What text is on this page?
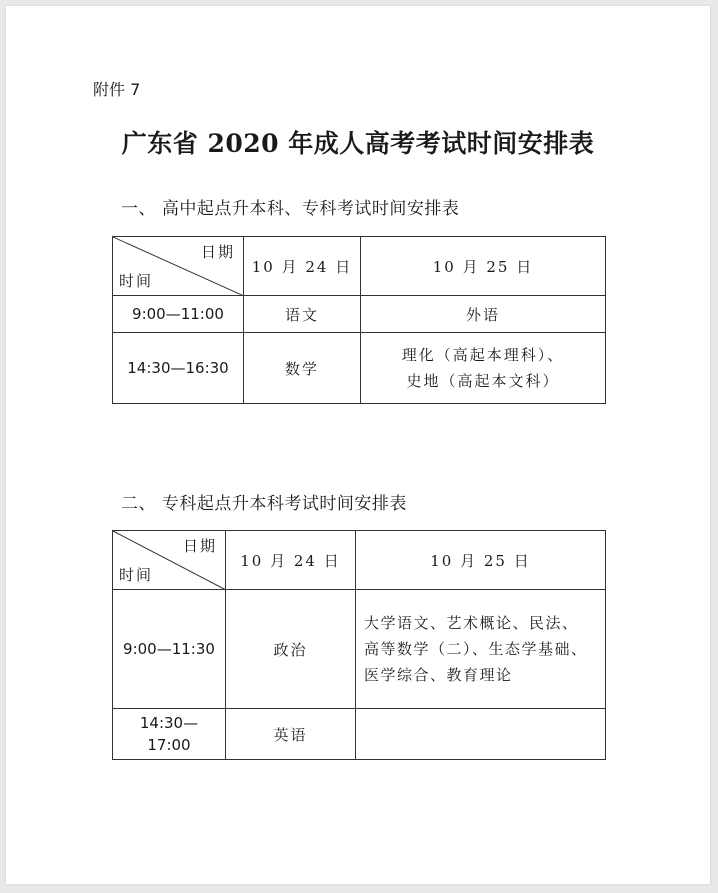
附件 7
广东省 2020 年成人高考考试时间安排表
一、 高中起点升本科、专科考试时间安排表
日期
时间	10 月 24 日	10 月 25 日
9:00—11:00	语文	外语
14:30—16:30	数学	理化（高起本理科）、
史地（高起本文科）
二、 专科起点升本科考试时间安排表
日期
时间	10 月 24 日	10 月 25 日
9:00—11:30	政治	大学语文、艺术概论、民法、
高等数学（二）、生态学基础、
医学综合、教育理论

14:30—
17:00	英语	
